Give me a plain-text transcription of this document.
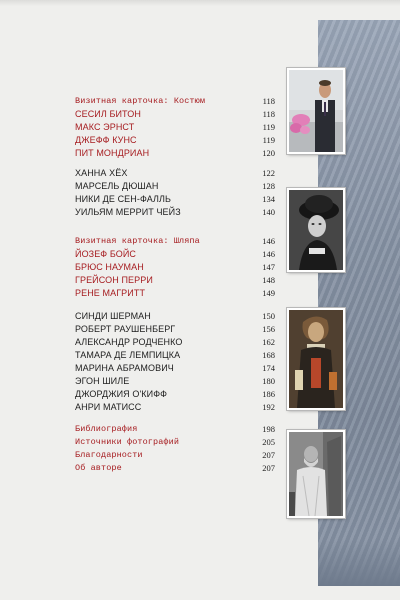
Визитная карточка: Костюм	118
СЕСИЛ БИТОН	118
МАКС ЭРНСТ	119
ДЖЕФФ КУНС	119
ПИТ МОНДРИАН	120
ХАННА ХЁХ	122
МАРСЕЛЬ ДЮШАН	128
НИКИ ДЕ СЕН-ФАЛЛЬ	134
УИЛЬЯМ МЕРРИТ ЧЕЙЗ	140
Визитная карточка: Шляпа	146
ЙОЗЕФ БОЙС	146
БРЮС НАУМАН	147
ГРЕЙСОН ПЕРРИ	148
РЕНЕ МАГРИТТ	149
СИНДИ ШЕРМАН	150
РОБЕРТ РАУШЕНБЕРГ	156
АЛЕКСАНДР РОДЧЕНКО	162
ТАМАРА ДЕ ЛЕМПИЦКА	168
МАРИНА АБРАМОВИЧ	174
ЭГОН ШИЛЕ	180
ДЖОРДЖИЯ О'КИФФ	186
АНРИ МАТИСС	192
Библиография	198
Источники фотографий	205
Благодарности	207
Об авторе	207
